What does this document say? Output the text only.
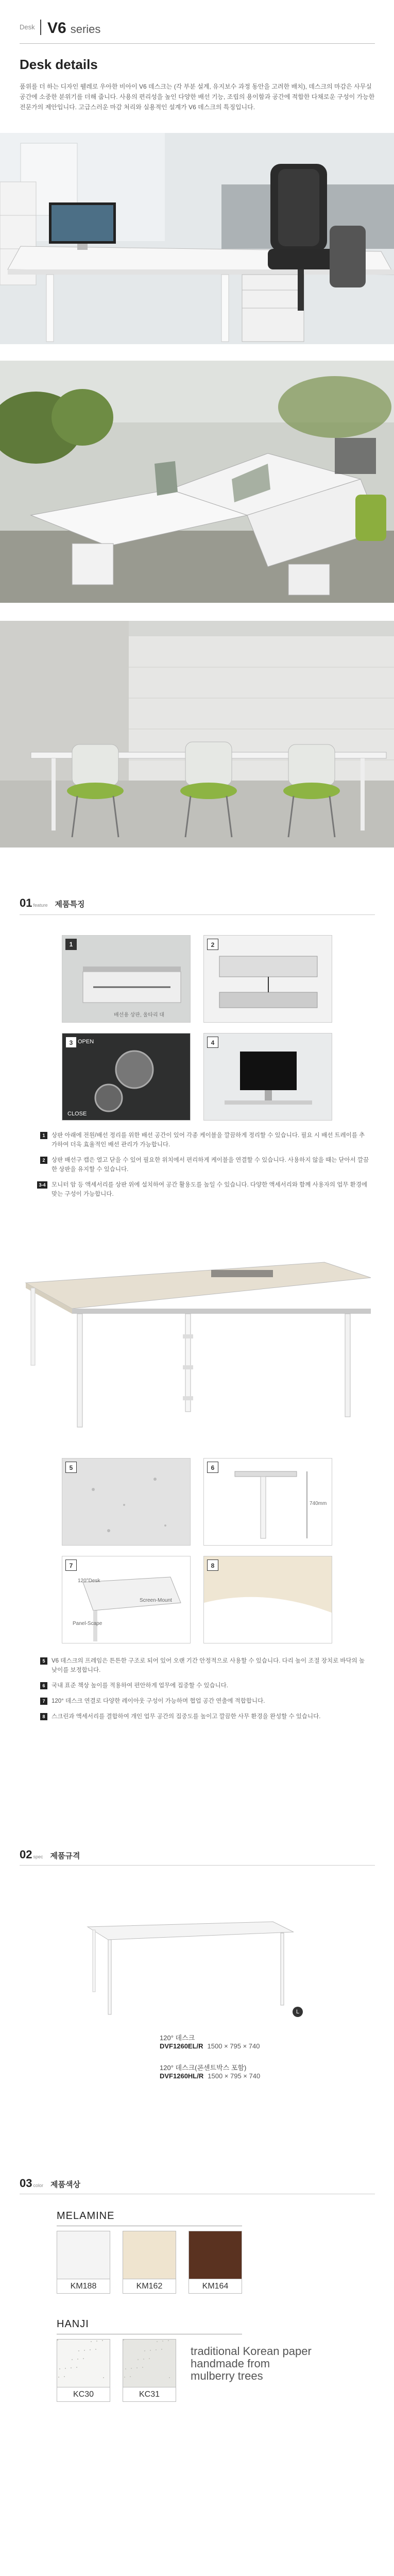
Desk V6 series
Desk details
품위를 더 하는 디자인 웰레로 우아한 비아이 V6 데스크는 (각 부분 설계, 유지보수 과정 동안을 고려한 배치), 데스크의 마감은 사무실 공간에 소중한 분위기를 더해 줍니다. 사용의 편리성을 높인 다양한 배선 기능, 조립의 용이함과 공간에 적합한 다채로운 구성이 가능한 전문가의 제안입니다. 고급스러운 마감 처리와 실용적인 설계가 V6 데스크의 특징입니다.
01 feature 제품특징
1
배선용 상판, 울타리 대
2
3 OPEN
CLOSE
4
1	상판 아래에 전원/배선 정리를 위한 배선 공간이 있어 각종 케이블을 깔끔하게 정리할 수 있습니다. 필요 시 배선 트레이를 추가하여 더욱 효율적인 배선 관리가 가능합니다.
2	상판 배선구 캡은 열고 닫을 수 있어 필요한 위치에서 편리하게 케이블을 연결할 수 있습니다. 사용하지 않을 때는 닫아서 깔끔한 상판을 유지할 수 있습니다.
3-4	모니터 암 등 액세서리를 상판 위에 설치하여 공간 활용도를 높일 수 있습니다. 다양한 액세서리와 함께 사용자의 업무 환경에 맞는 구성이 가능합니다.
5	6
740mm
7
120°Desk
Screen-Mount
Panel-Scape
8
5	V6 데스크의 프레임은 튼튼한 구조로 되어 있어 오랜 기간 안정적으로 사용할 수 있습니다. 다리 높이 조절 장치로 바닥의 높낮이를 보정합니다.
6	국내 표준 책상 높이를 적용하여 편안하게 업무에 집중할 수 있습니다.
7	120° 데스크 연결로 다양한 레이아웃 구성이 가능하며 협업 공간 연출에 적합합니다.
8	스크린과 액세서리를 결합하여 개인 업무 공간의 집중도를 높이고 깔끔한 사무 환경을 완성할 수 있습니다.
02 spec 제품규격
L
120° 데스크
DVF1260EL/R 1500 × 795 × 740
120° 데스크(콘센트박스 포함)
DVF1260HL/R 1500 × 795 × 740
03 color 제품색상
MELAMINE
KM188	KM162	KM164
HANJI
KC30	KC31
traditional Korean paper handmade from mulberry trees
